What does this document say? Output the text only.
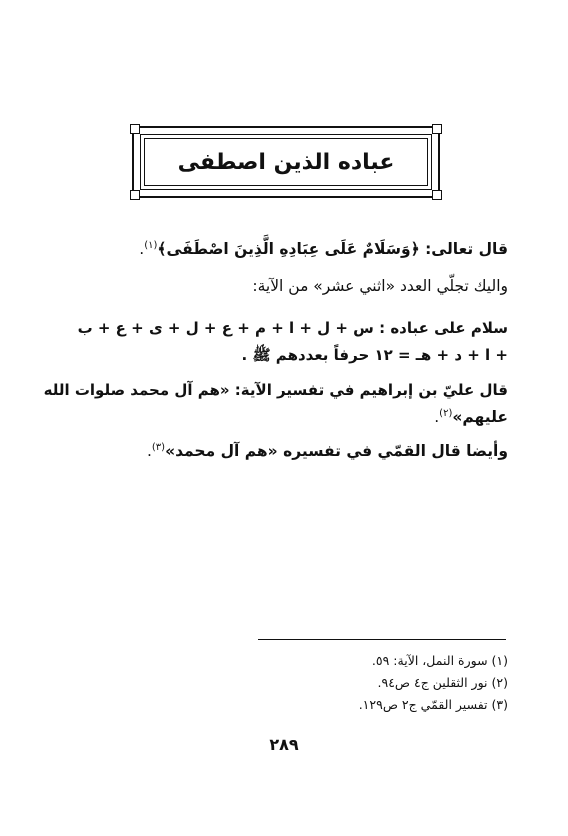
عباده الذين اصطفى
قال تعالى: ﴿وَسَلَامٌ عَلَى عِبَادِهِ الَّذِينَ اصْطَفَى﴾$^{(١)}$.
واليك تجلّي العدد «اثني عشر» من الآية:
سلام على عباده : س + ل + ا + م + ع + ل + ى + ع + ب
+ ا + د + هـ = ١٢ حرفاً بعددهم ﷺ .
قال عليّ بن إبراهيم في تفسير الآية: «هم آل محمد صلوات الله
عليهم»$^{(٢)}$.
وأيضا قال القمّي في تفسيره «هم آل محمد»$^{(٣)}$.
(١) سورة النمل، الآية: ٥٩.
(٢) نور الثقلين ج٤ ص٩٤.
(٣) تفسير القمّي ج٢ ص١٢٩.
٢٨٩
